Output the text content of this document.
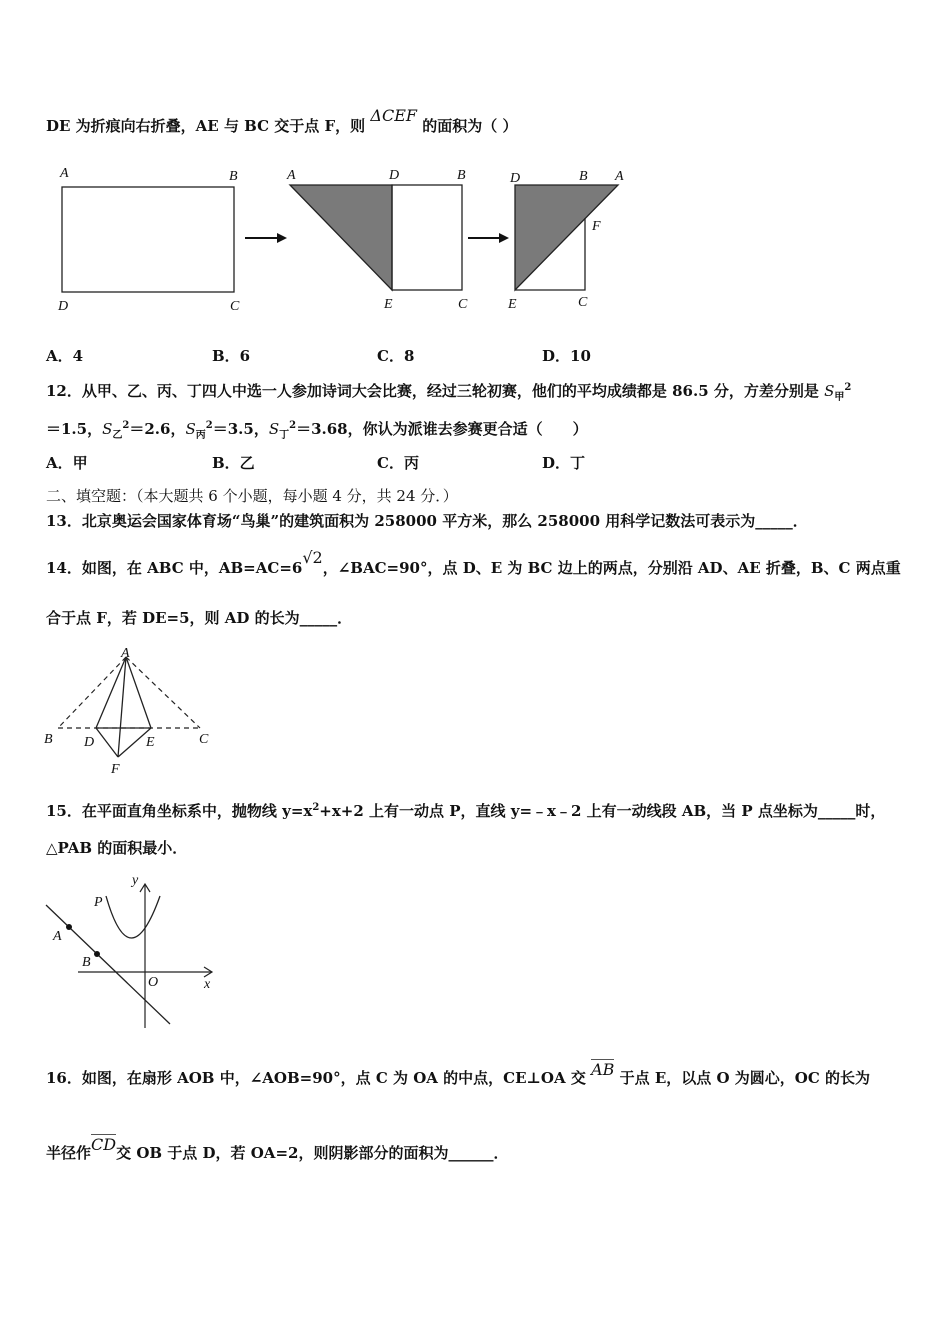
DE 为折痕向右折叠，AE 与 BC 交于点 F，则 ΔCEF 的面积为（ ）
A	B
D	C
A	D	B
E	C
D	B A
F
E	C
A．4	B．6	C．8	D．10
12．从甲、乙、丙、丁四人中选一人参加诗词大会比赛，经过三轮初赛，他们的平均成绩都是 86.5 分，方差分别是 $S_甲^2$
＝1.5，$S_乙^2=2.6$，$S_丙^2=3.5$，$S_丁^2=3.68$，你认为派谁去参赛更合适（　　）
A．甲	B．乙	C．丙	D．丁
二、填空题：（本大题共 6 个小题，每小题 4 分，共 24 分．）
13．北京奥运会国家体育场“鸟巢”的建筑面积为 258000 平方米，那么 258000 用科学记数法可表示为_____．
14．如图，在 ABC 中，AB=AC=6√2，∠BAC=90°，点 D、E 为 BC 边上的两点，分别沿 AD、AE 折叠，B、C 两点重
合于点 F，若 DE=5，则 AD 的长为_____．
A
B D	E	C
F
15．在平面直角坐标系中，抛物线 $y=x^2+x+2$ 上有一动点 P，直线 y=﹣x﹣2 上有一动线段 AB，当 P 点坐标为_____时，
△PAB 的面积最小．
y
x
O
P
A
B
16．如图，在扇形 AOB 中，∠AOB=90°，点 C 为 OA 的中点，CE⊥OA 交 AB 于点 E，以点 O 为圆心，OC 的长为
半径作CD交 OB 于点 D，若 OA=2，则阴影部分的面积为______．
